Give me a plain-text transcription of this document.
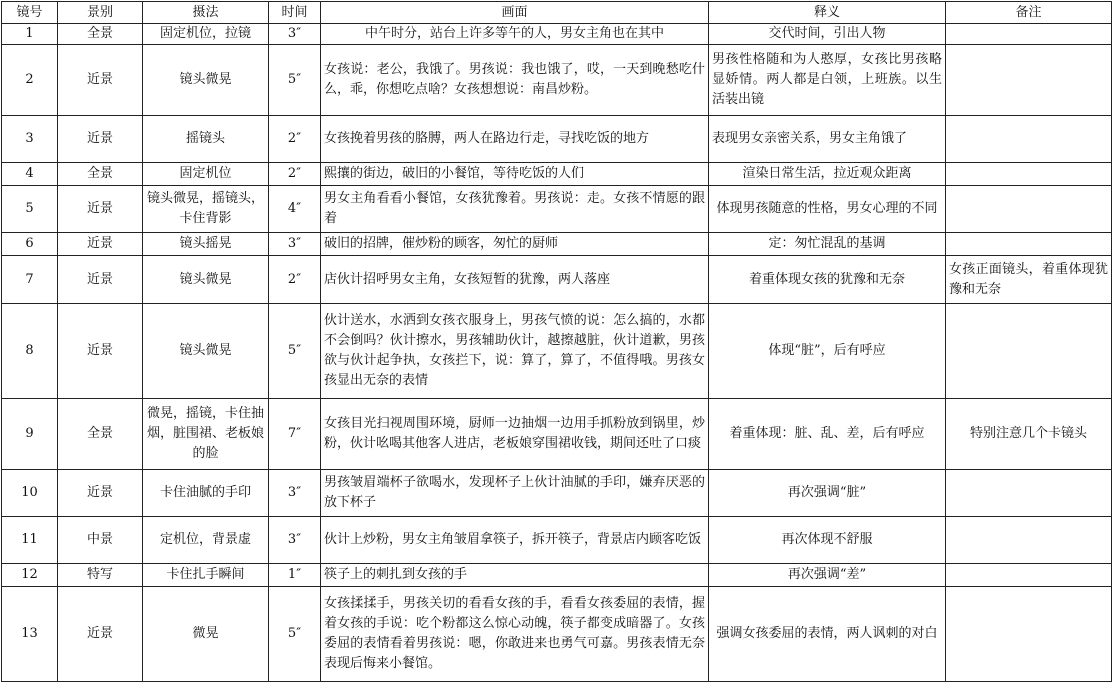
镜号	景别	摄法	时间	画面	释义	备注
1	全景	固定机位，拉镜	3″	中午时分，站台上许多等午的人，男女主角也在其中	交代时间，引出人物	
2	近景	镜头微晃	5″	女孩说：老公，我饿了。男孩说：我也饿了，哎，一天到晚愁吃什么，乖，你想吃点啥？女孩想想说：南昌炒粉。	男孩性格随和为人憨厚，女孩比男孩略显娇情。两人都是白领，上班族。以生活装出镜	
3	近景	摇镜头	2″	女孩挽着男孩的胳膊，两人在路边行走，寻找吃饭的地方	表现男女亲密关系，男女主角饿了	
4	全景	固定机位	2″	熙攘的街边，破旧的小餐馆，等待吃饭的人们	渲染日常生活，拉近观众距离	
5	近景	镜头微晃，摇镜头，卡住背影	4″	男女主角看看小餐馆，女孩犹豫着。男孩说：走。女孩不情愿的跟着	体现男孩随意的性格，男女心理的不同	
6	近景	镜头摇晃	3″	破旧的招牌，催炒粉的顾客，匆忙的厨师	定：匆忙混乱的基调	
7	近景	镜头微晃	2″	店伙计招呼男女主角，女孩短暂的犹豫，两人落座	着重体现女孩的犹豫和无奈	女孩正面镜头，着重体现犹豫和无奈
8	近景	镜头微晃	5″	伙计送水，水洒到女孩衣服身上，男孩气愤的说：怎么搞的，水都不会倒吗？伙计擦水，男孩辅助伙计，越擦越脏，伙计道歉，男孩欲与伙计起争执，女孩拦下，说：算了，算了，不值得哦。男孩女孩显出无奈的表情	体现“脏”，后有呼应	
9	全景	微晃，摇镜，卡住抽烟，脏围裙、老板娘的脸	7″	女孩目光扫视周围环境，厨师一边抽烟一边用手抓粉放到锅里，炒粉，伙计吆喝其他客人进店，老板娘穿围裙收钱，期间还吐了口痰	着重体现：脏、乱、差，后有呼应	特别注意几个卡镜头
10	近景	卡住油腻的手印	3″	男孩皱眉端杯子欲喝水，发现杯子上伙计油腻的手印，嫌弃厌恶的放下杯子	再次强调“脏”	
11	中景	定机位，背景虚	3″	伙计上炒粉，男女主角皱眉拿筷子，拆开筷子，背景店内顾客吃饭	再次体现不舒服	
12	特写	卡住扎手瞬间	1″	筷子上的刺扎到女孩的手	再次强调“差”	
13	近景	微晃	5″	女孩揉揉手，男孩关切的看看女孩的手，看看女孩委屈的表情，握着女孩的手说：吃个粉都这么惊心动魄，筷子都变成暗器了。女孩委屈的表情看着男孩说：嗯，你敢进来也勇气可嘉。男孩表情无奈表现后悔来小餐馆。	强调女孩委屈的表情，两人讽刺的对白	
